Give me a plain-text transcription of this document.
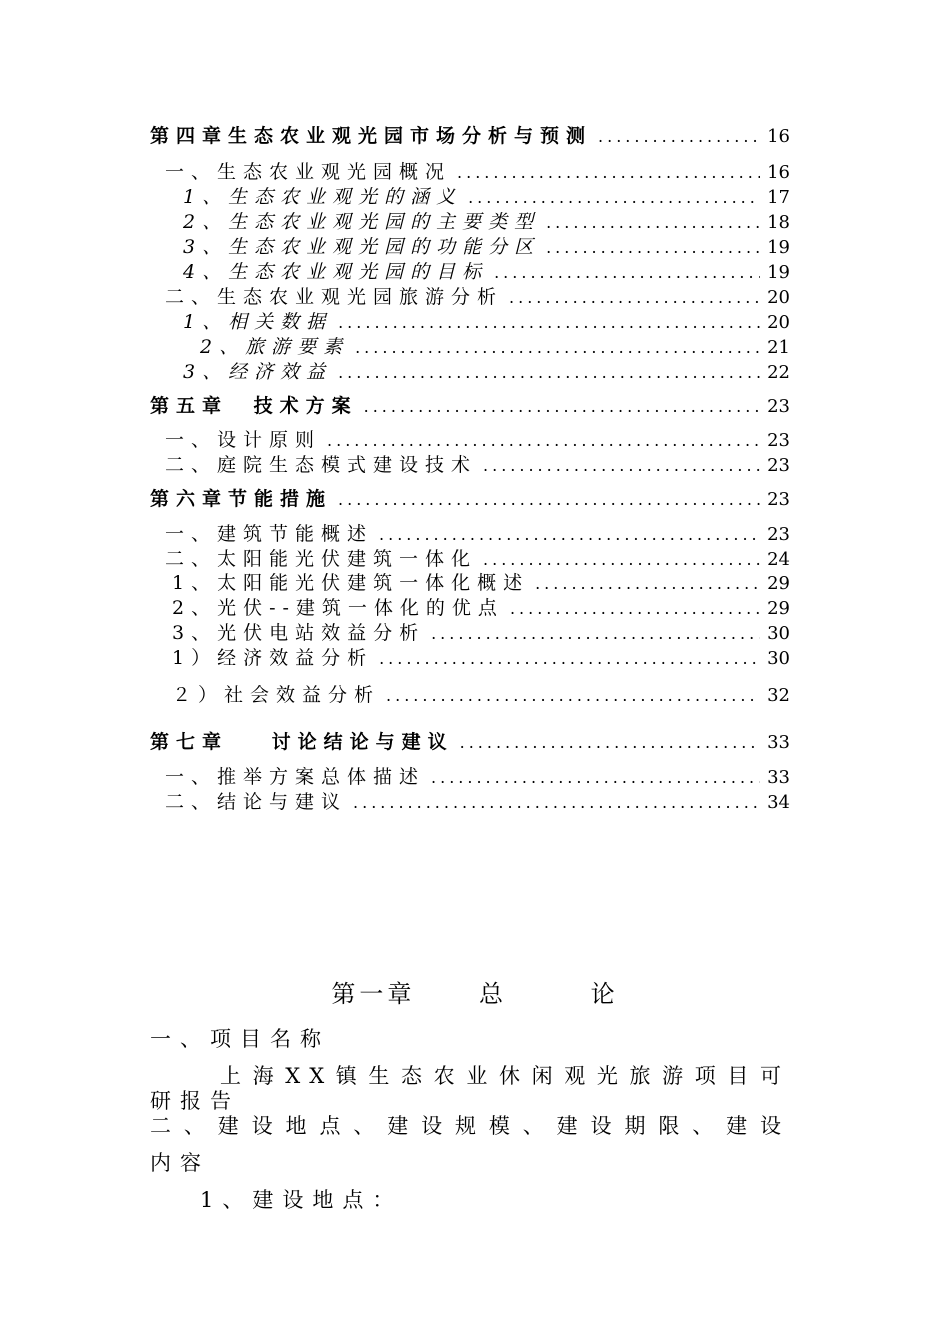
第四章生态农业观光园市场分析与预测 .....	16
一、生态农业观光园概况 .....	16
1、生态农业观光的涵义 .....	17
2、生态农业观光园的主要类型 .....	18
3、生态农业观光园的功能分区 .....	19
4、生态农业观光园的目标 .....	19
二、生态农业观光园旅游分析 .....	20
1、相关数据 .....	20
2、旅游要素 .....	21
3、经济效益 .....	22
第五章 技术方案 .....	23
一、设计原则 .....	23
二、庭院生态模式建设技术 .....	23
第六章节能措施 .....	23
一、建筑节能概述 .....	23
二、太阳能光伏建筑一体化 .....	24
1、太阳能光伏建筑一体化概述 .....	29
2、光伏--建筑一体化的优点 .....	29
3、光伏电站效益分析 .....	30
1）经济效益分析 .....	30
２）社会效益分析 .....	32
第七章 讨论结论与建议 .....	33
一、推举方案总体描述 .....	33
二、结论与建议 .....	34
第一章	总	论
一、项目名称
上海XX镇生态农业休闲观光旅游项目可
研报告
二、建设地点、建设规模、建设期限、建设
内容
1、建设地点：
